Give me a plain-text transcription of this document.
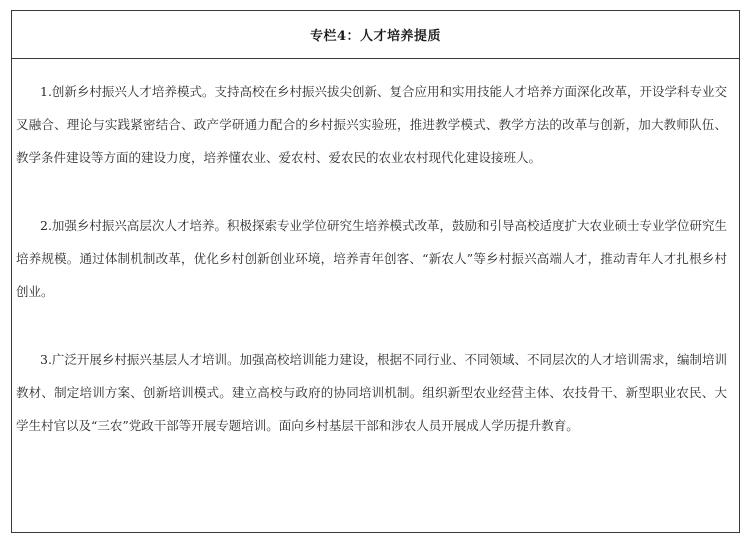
专栏4：人才培养提质

1.创新乡村振兴人才培养模式。支持高校在乡村振兴拔尖创新、复合应用和实用技能人才培养方面深化改革，开设学科专业交叉融合、理论与实践紧密结合、政产学研通力配合的乡村振兴实验班，推进教学模式、教学方法的改革与创新，加大教师队伍、教学条件建设等方面的建设力度，培养懂农业、爱农村、爱农民的农业农村现代化建设接班人。

2.加强乡村振兴高层次人才培养。积极探索专业学位研究生培养模式改革，鼓励和引导高校适度扩大农业硕士专业学位研究生培养规模。通过体制机制改革，优化乡村创新创业环境，培养青年创客、“新农人”等乡村振兴高端人才，推动青年人才扎根乡村创业。

3.广泛开展乡村振兴基层人才培训。加强高校培训能力建设，根据不同行业、不同领域、不同层次的人才培训需求，编制培训教材、制定培训方案、创新培训模式。建立高校与政府的协同培训机制。组织新型农业经营主体、农技骨干、新型职业农民、大学生村官以及“三农”党政干部等开展专题培训。面向乡村基层干部和涉农人员开展成人学历提升教育。
